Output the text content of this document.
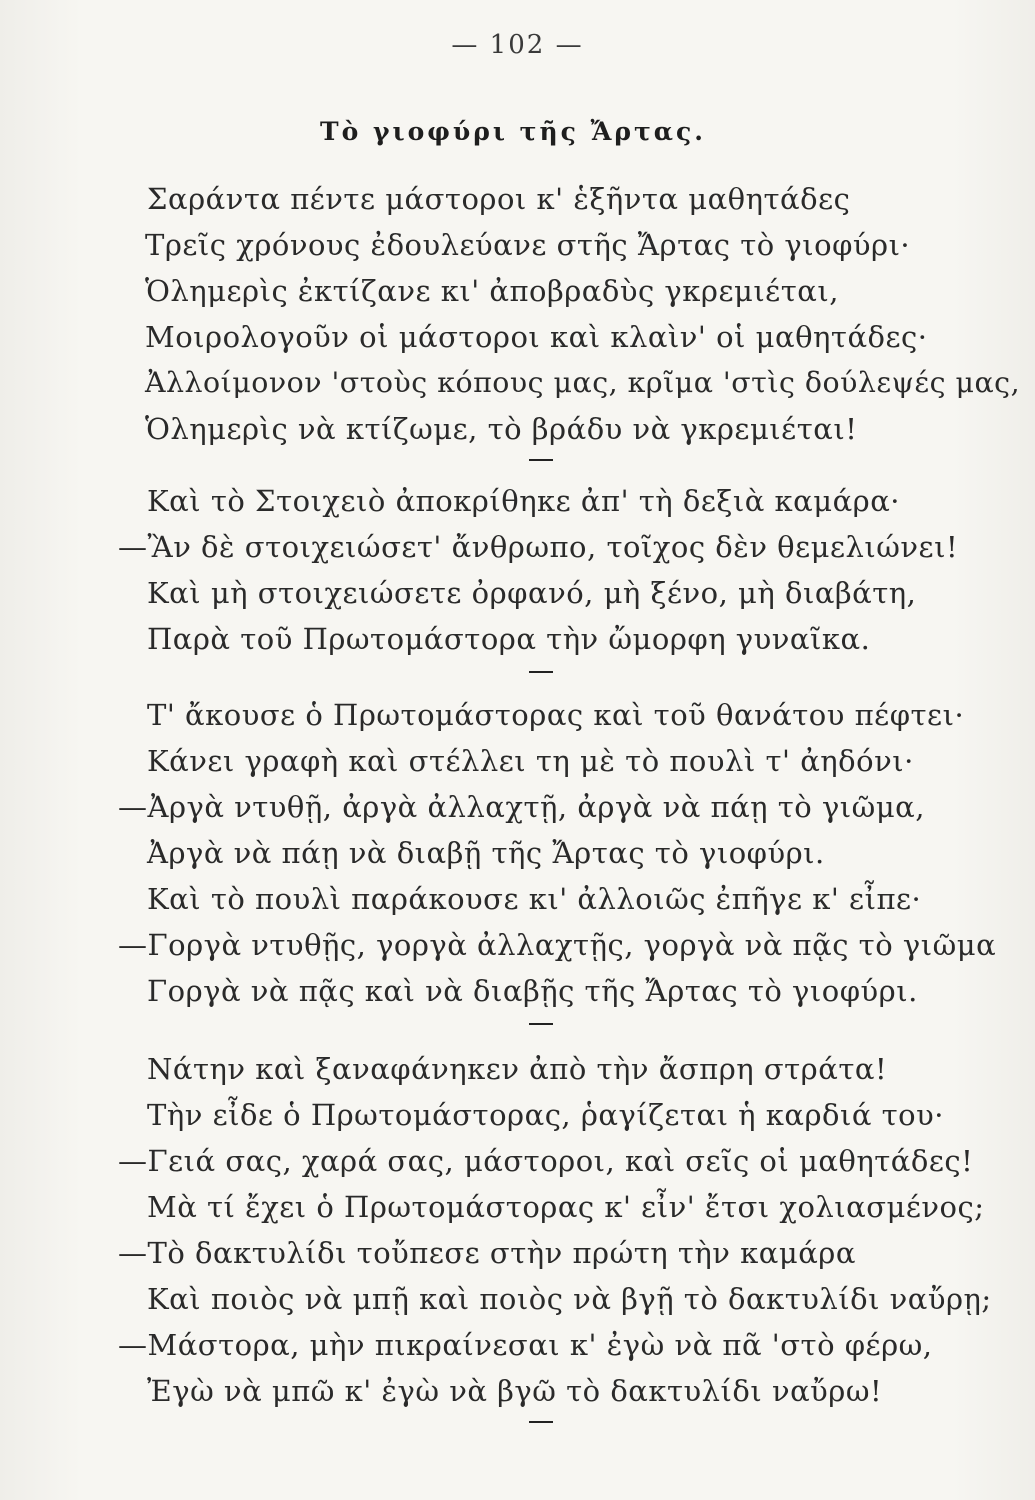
— 102 —
Τὸ γιοφύρι τῆς Ἄρτας.
Σαράντα πέντε μάστοροι κ' ἑξῆντα μαθητάδες
Τρεῖς χρόνους ἐδουλεύανε στῆς Ἄρτας τὸ γιοφύρι·
Ὁλημερὶς ἐκτίζανε κι' ἀποβραδὺς γκρεμιέται,
Μοιρολογοῦν οἱ μάστοροι καὶ κλαὶν' οἱ μαθητάδες·
Ἀλλοίμονον 'στοὺς κόπους μας, κρῖμα 'στὶς δούλεψές μας,
Ὁλημερὶς νὰ κτίζωμε, τὸ βράδυ νὰ γκρεμιέται!
Καὶ τὸ Στοιχειὸ ἀποκρίθηκε ἀπ' τὴ δεξιὰ καμάρα·
—Ἂν δὲ στοιχειώσετ' ἄνθρωπο, τοῖχος δὲν θεμελιώνει!
Καὶ μὴ στοιχειώσετε ὀρφανό, μὴ ξένο, μὴ διαβάτη,
Παρὰ τοῦ Πρωτομάστορα τὴν ὤμορφη γυναῖκα.
Τ' ἄκουσε ὁ Πρωτομάστορας καὶ τοῦ θανάτου πέφτει·
Κάνει γραφὴ καὶ στέλλει τη μὲ τὸ πουλὶ τ' ἀηδόνι·
—Ἀργὰ ντυθῇ, ἀργὰ ἀλλαχτῇ, ἀργὰ νὰ πάῃ τὸ γιῶμα,
Ἀργὰ νὰ πάῃ νὰ διαβῇ τῆς Ἄρτας τὸ γιοφύρι.
Καὶ τὸ πουλὶ παράκουσε κι' ἀλλοιῶς ἐπῆγε κ' εἶπε·
—Γοργὰ ντυθῇς, γοργὰ ἀλλαχτῇς, γοργὰ νὰ πᾷς τὸ γιῶμα
Γοργὰ νὰ πᾷς καὶ νὰ διαβῇς τῆς Ἄρτας τὸ γιοφύρι.
Νάτην καὶ ξαναφάνηκεν ἀπὸ τὴν ἄσπρη στράτα!
Τὴν εἶδε ὁ Πρωτομάστορας, ῥαγίζεται ἡ καρδιά του·
—Γειά σας, χαρά σας, μάστοροι, καὶ σεῖς οἱ μαθητάδες!
Μὰ τί ἔχει ὁ Πρωτομάστορας κ' εἶν' ἔτσι χολιασμένος;
—Τὸ δακτυλίδι τοὔπεσε στὴν πρώτη τὴν καμάρα
Καὶ ποιὸς νὰ μπῇ καὶ ποιὸς νὰ βγῇ τὸ δακτυλίδι ναὔρῃ;
—Μάστορα, μὴν πικραίνεσαι κ' ἐγὼ νὰ πᾶ 'στὸ φέρω,
Ἐγὼ νὰ μπῶ κ' ἐγὼ νὰ βγῶ τὸ δακτυλίδι ναὔρω!
